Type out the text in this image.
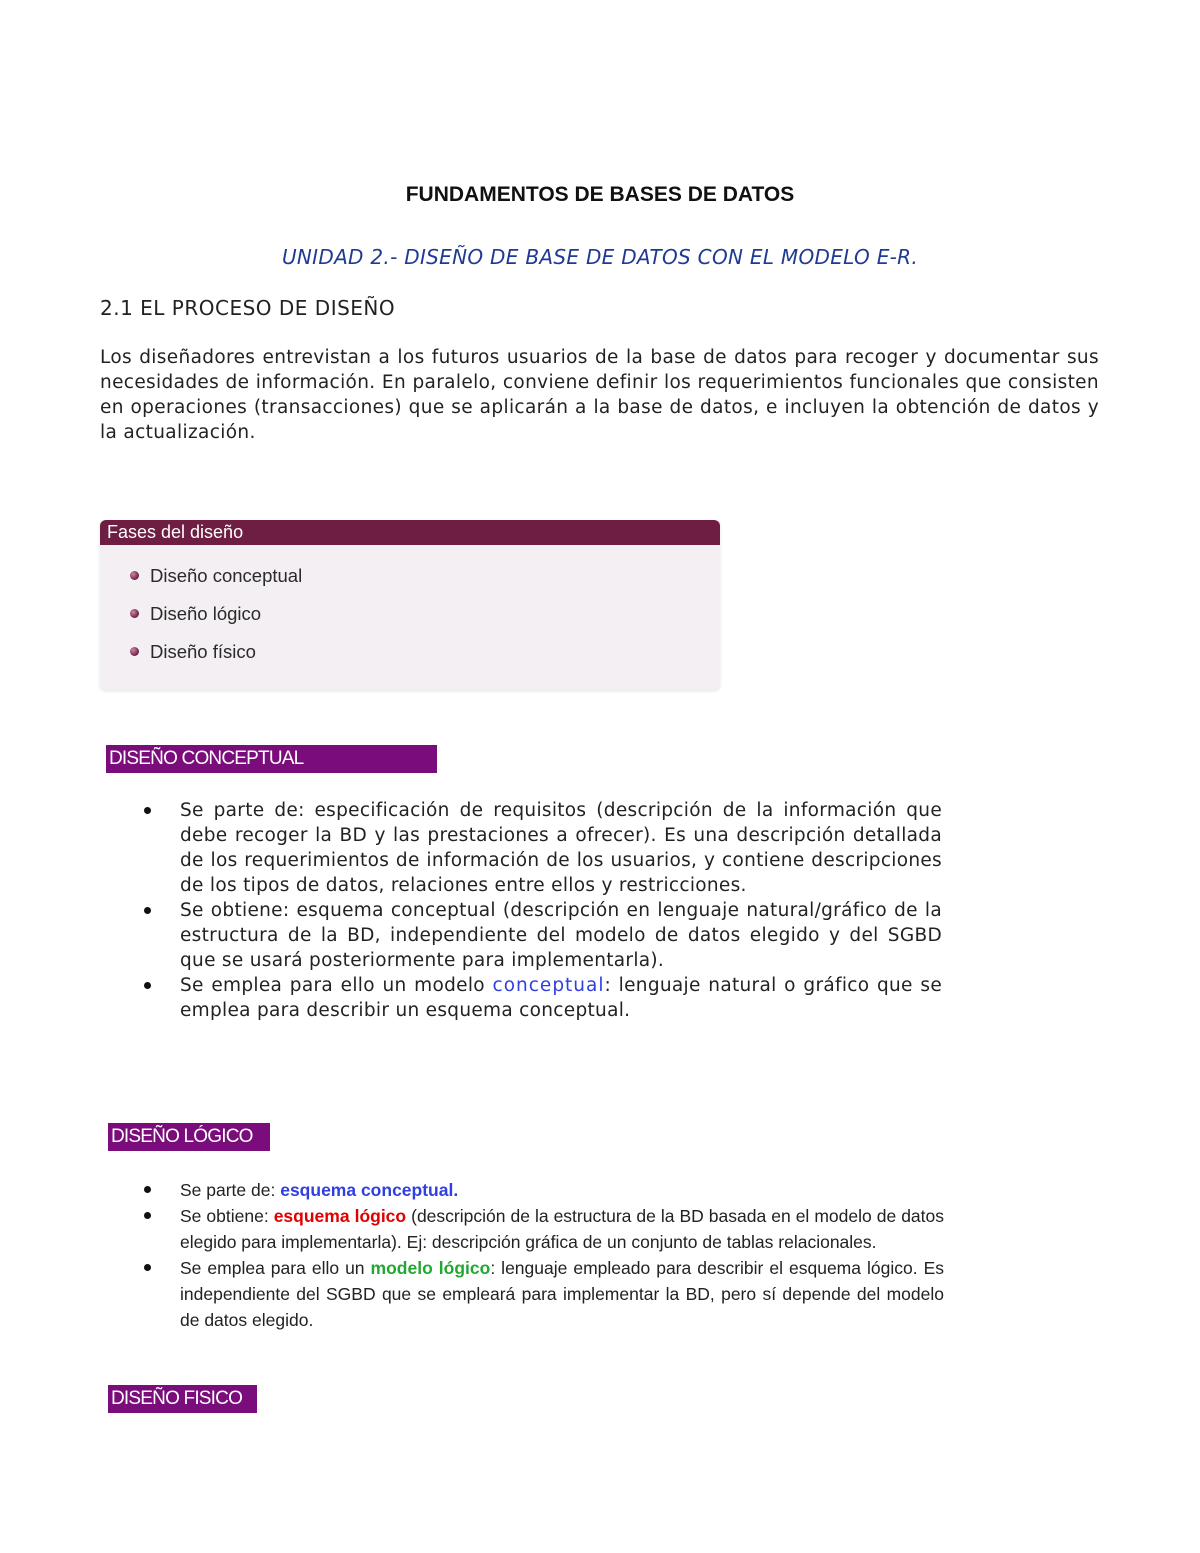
FUNDAMENTOS DE BASES DE DATOS
UNIDAD 2.- DISEÑO DE BASE DE DATOS CON EL MODELO E-R.
2.1 EL PROCESO DE DISEÑO
Los diseñadores entrevistan a los futuros usuarios de la base de datos para recoger y documentar sus necesidades de información. En paralelo, conviene definir los requerimientos funcionales que consisten en operaciones (transacciones) que se aplicarán a la base de datos, e incluyen la obtención de datos y la actualización.
Fases del diseño
Diseño conceptual
Diseño lógico
Diseño físico
DISEÑO CONCEPTUAL
Se parte de: especificación de requisitos (descripción de la información que debe recoger la BD y las prestaciones a ofrecer). Es una descripción detallada de los requerimientos de información de los usuarios, y contiene descripciones de los tipos de datos, relaciones entre ellos y restricciones.
Se obtiene: esquema conceptual (descripción en lenguaje natural/gráfico de la estructura de la BD, independiente del modelo de datos elegido y del SGBD que se usará posteriormente para implementarla).
Se emplea para ello un modelo conceptual: lenguaje natural o gráfico que se emplea para describir un esquema conceptual.
DISEÑO LÓGICO
Se parte de: esquema conceptual.
Se obtiene: esquema lógico (descripción de la estructura de la BD basada en el modelo de datos elegido para implementarla). Ej: descripción gráfica de un conjunto de tablas relacionales.
Se emplea para ello un modelo lógico: lenguaje empleado para describir el esquema lógico. Es independiente del SGBD que se empleará para implementar la BD, pero sí depende del modelo de datos elegido.
DISEÑO FISICO
